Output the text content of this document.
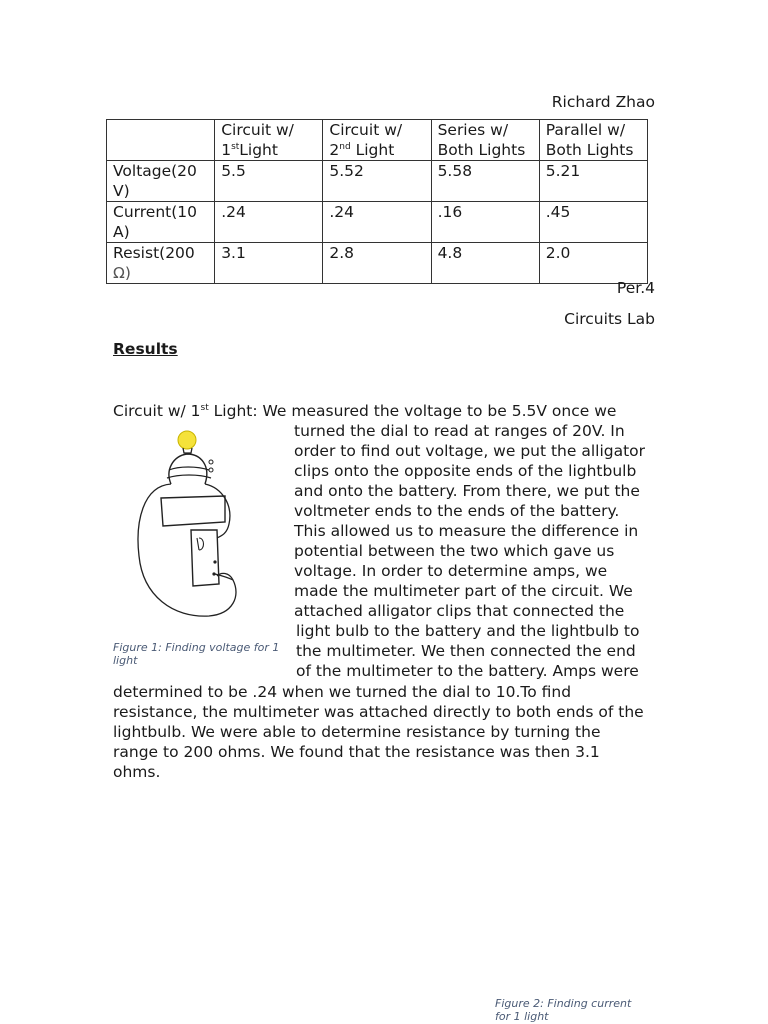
Richard Zhao
	Circuit w/
1stLight	Circuit w/
2nd Light	Series w/
Both Lights	Parallel w/
Both Lights
Voltage(20
V)	5.5	5.52	5.58	5.21
Current(10
A)	.24	.24	.16	.45
Resist(200
Ω)	3.1	2.8	4.8	2.0
Per.4
Circuits Lab
Results
Circuit w/ 1st Light: We measured the voltage to be 5.5V once we
turned the dial to read at ranges of 20V. In
order to find out voltage, we put the alligator
clips onto the opposite ends of the lightbulb
and onto the battery. From there, we put the
voltmeter ends to the ends of the battery.
This allowed us to measure the difference in
potential between the two which gave us
voltage. In order to determine amps, we
made the multimeter part of the circuit. We
attached alligator clips that connected the
light bulb to the battery and the lightbulb to
the multimeter. We then connected the end
of the multimeter to the battery. Amps were
determined to be .24 when we turned the dial to 10.To find
resistance, the multimeter was attached directly to both ends of the
lightbulb. We were able to determine resistance by turning the
range to 200 ohms. We found that the resistance was then 3.1
ohms.
Figure 1: Finding voltage for 1
light
Figure 2: Finding current
for 1 light
